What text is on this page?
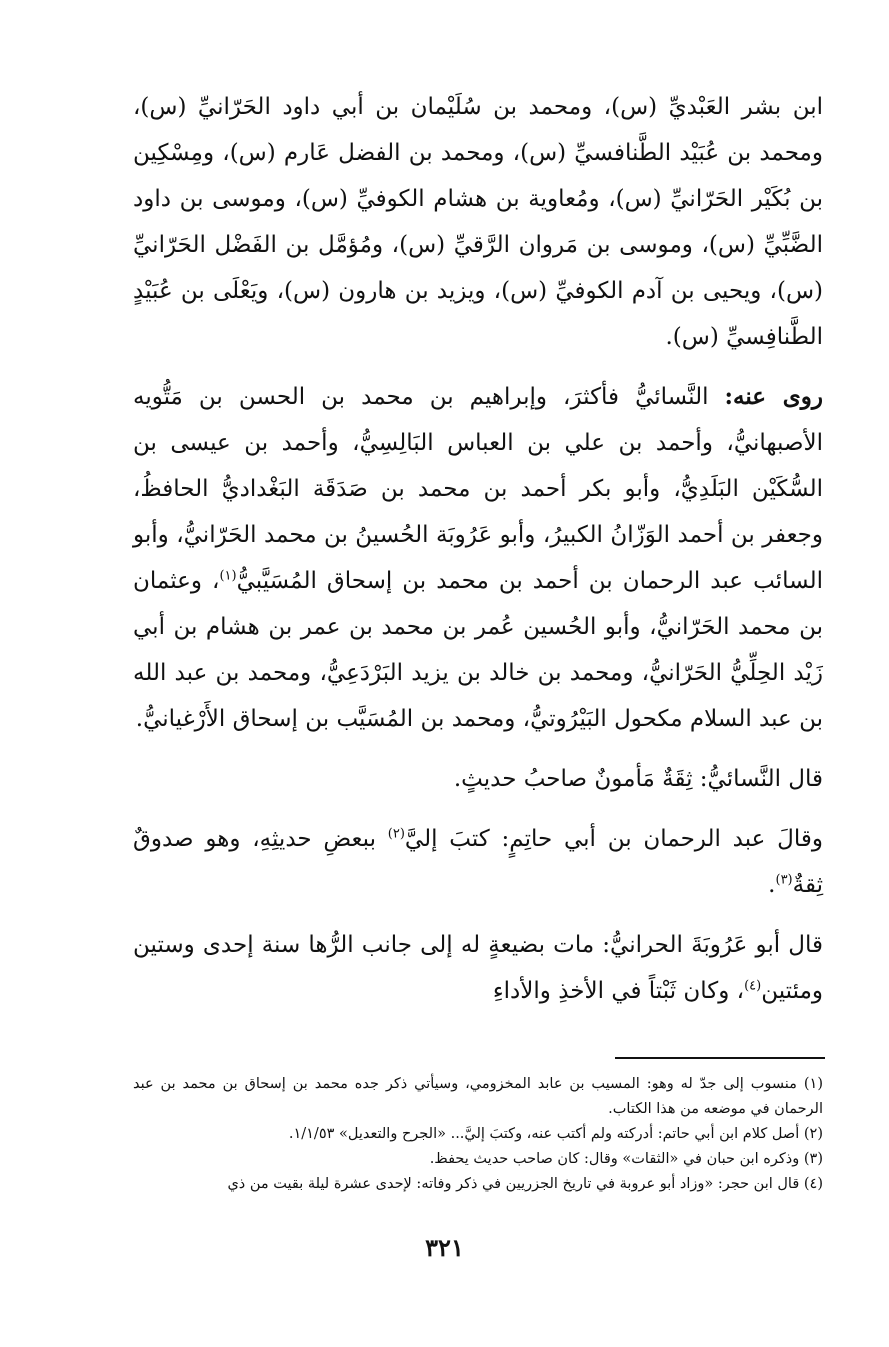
ابن بشر العَبْديِّ (س)، ومحمد بن سُلَيْمان بن أبي داود الحَرّانيِّ (س)، ومحمد بن عُبَيْد الطَّنافسيِّ (س)، ومحمد بن الفضل عَارم (س)، ومِسْكِين بن بُكَيْر الحَرّانيِّ (س)، ومُعاوية بن هشام الكوفيِّ (س)، وموسى بن داود الضَّبِّيِّ (س)، وموسى بن مَروان الرَّقيِّ (س)، ومُؤمَّل بن الفَضْل الحَرّانيِّ (س)، ويحيى بن آدم الكوفيِّ (س)، ويزيد بن هارون (س)، ويَعْلَى بن عُبَيْدٍ الطَّنافِسيِّ (س).

روى عنه: النَّسائيُّ فأكثرَ، وإبراهيم بن محمد بن الحسن بن مَتُّويه الأصبهانيُّ، وأحمد بن علي بن العباس البَالِسِيُّ، وأحمد بن عيسى بن السُّكَيْن البَلَدِيُّ، وأبو بكر أحمد بن محمد بن صَدَقَة البَغْداديُّ الحافظُ، وجعفر بن أحمد الوَزّانُ الكبيرُ، وأبو عَرُوبَة الحُسينُ بن محمد الحَرّانيُّ، وأبو السائب عبد الرحمان بن أحمد بن محمد بن إسحاق المُسَيَّبيُّ$^{(١)}$، وعثمان بن محمد الحَرّانيُّ، وأبو الحُسين عُمر بن محمد بن عمر بن هشام بن أبي زَيْد الحِلِّيُّ الحَرّانيُّ، ومحمد بن خالد بن يزيد البَرْدَعِيُّ، ومحمد بن عبد الله بن عبد السلام مكحول البَيْرُوتيُّ، ومحمد بن المُسَيَّب بن إسحاق الأَرْغيانيُّ.

قال النَّسائيُّ: ثِقَةٌ مَأمونٌ صاحبُ حديثٍ.

وقالَ عبد الرحمان بن أبي حاتِمٍ: كتبَ إليَّ$^{(٢)}$ ببعضِ حديثِهِ، وهو صدوقٌ ثِقةٌ$^{(٣)}$.

قال أبو عَرُوبَةَ الحرانيُّ: مات بضيعةٍ له إلى جانب الرُّها سنة إحدى وستين ومئتين$^{(٤)}$، وكان ثَبْتاً في الأخذِ والأداءِ

(١) منسوب إلى جدّ له وهو: المسيب بن عابد المخزومي، وسيأتي ذكر جده محمد بن إسحاق بن محمد بن عبد الرحمان في موضعه من هذا الكتاب.

(٢) أصل كلام ابن أبي حاتم: أدركته ولم أكتب عنه، وكتبَ إليَّ... «الجرح والتعديل» ١/١/٥٣.

(٣) وذكره ابن حبان في «الثقات» وقال: كان صاحب حديث يحفظ.

(٤) قال ابن حجر: «وزاد أبو عروبة في تاريخ الجزريين في ذكر وفاته: لإحدى عشرة ليلة بقيت من ذي

٣٢١
